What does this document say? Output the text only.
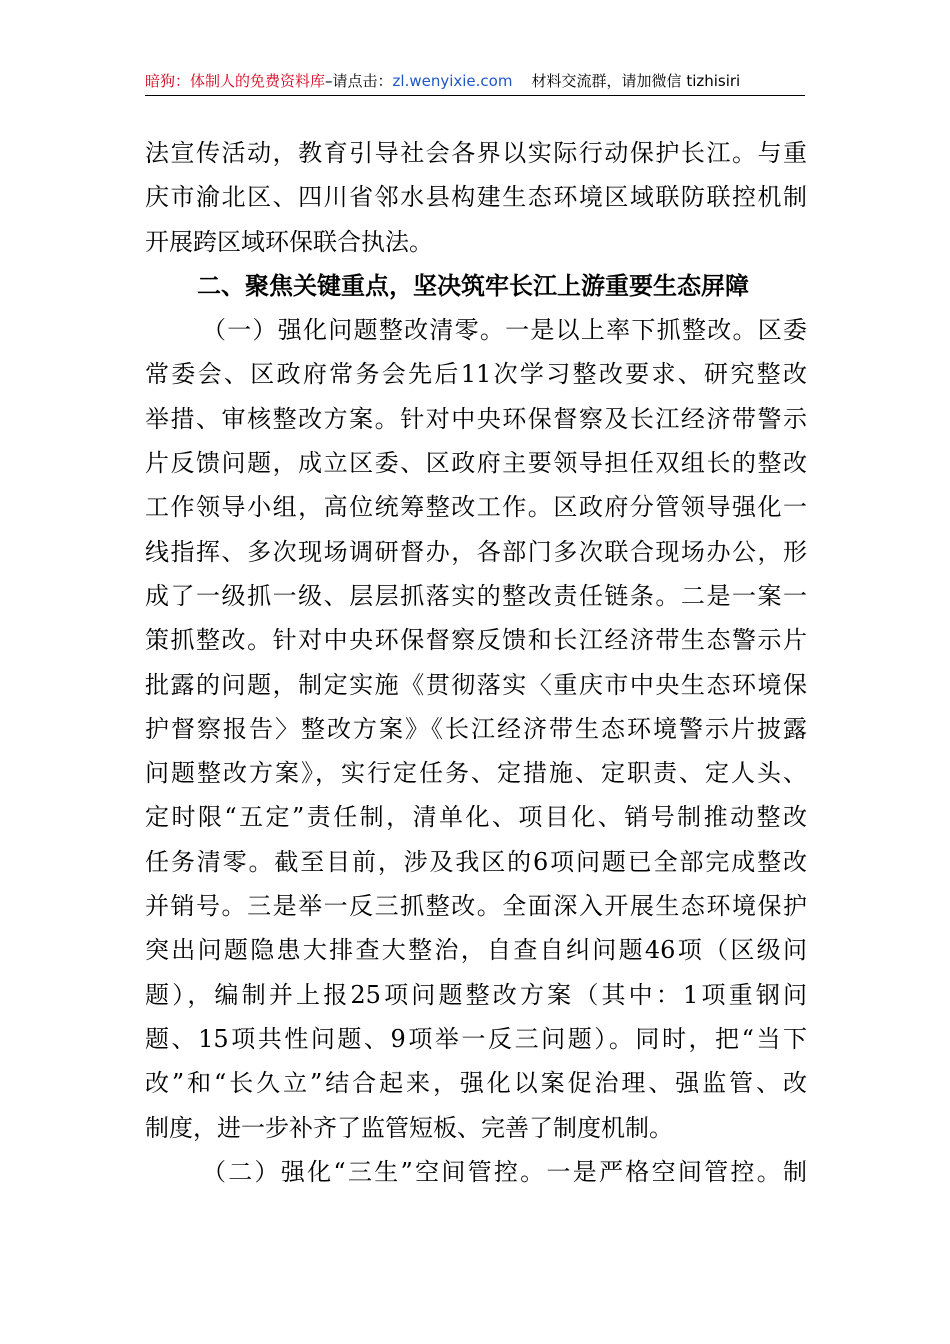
暗狗：体制人的免费资料库–请点击：zl.wenyixie.com 材料交流群，请加微信 tizhisiri
法宣传活动，教育引导社会各界以实际行动保护长江。与重
庆市渝北区、四川省邻水县构建生态环境区域联防联控机制
开展跨区域环保联合执法。
二、聚焦关键重点，坚决筑牢长江上游重要生态屏障
（一）强化问题整改清零。一是以上率下抓整改。区委
常委会、区政府常务会先后11次学习整改要求、研究整改
举措、审核整改方案。针对中央环保督察及长江经济带警示
片反馈问题，成立区委、区政府主要领导担任双组长的整改
工作领导小组，高位统筹整改工作。区政府分管领导强化一
线指挥、多次现场调研督办，各部门多次联合现场办公，形
成了一级抓一级、层层抓落实的整改责任链条。二是一案一
策抓整改。针对中央环保督察反馈和长江经济带生态警示片
批露的问题，制定实施《贯彻落实〈重庆市中央生态环境保
护督察报告〉整改方案》《长江经济带生态环境警示片披露
问题整改方案》，实行定任务、定措施、定职责、定人头、
定时限“五定”责任制，清单化、项目化、销号制推动整改
任务清零。截至目前，涉及我区的6项问题已全部完成整改
并销号。三是举一反三抓整改。全面深入开展生态环境保护
突出问题隐患大排查大整治，自查自纠问题46项（区级问
题），编制并上报25项问题整改方案（其中：1项重钢问
题、15项共性问题、9项举一反三问题）。同时，把“当下
改”和“长久立”结合起来，强化以案促治理、强监管、改
制度，进一步补齐了监管短板、完善了制度机制。
（二）强化“三生”空间管控。一是严格空间管控。制
